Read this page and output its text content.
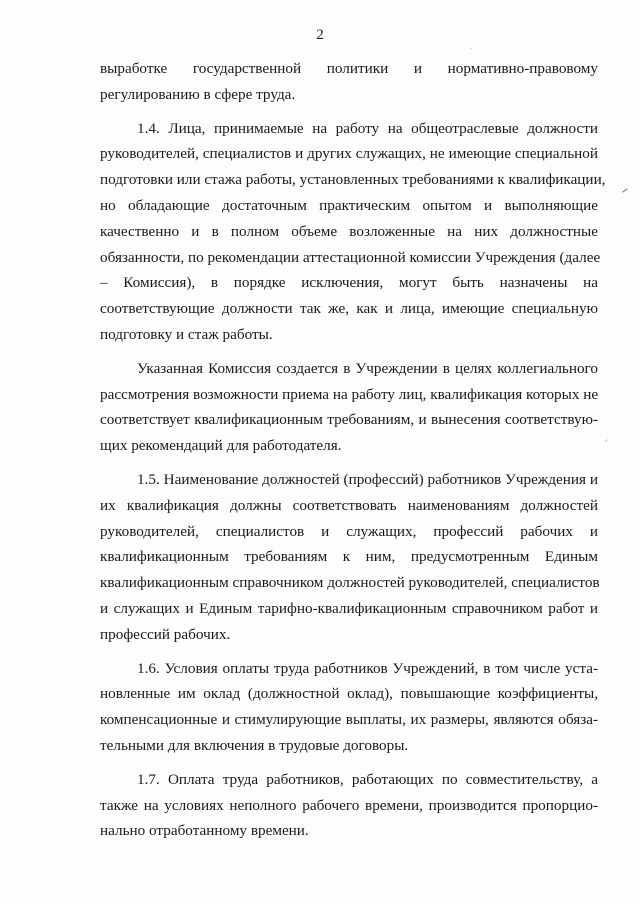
2
выработке государственной политики и нормативно-правовому
регулированию в сфере труда.
1.4. Лица, принимаемые на работу на общеотраслевые должности
руководителей, специалистов и других служащих, не имеющие специальной
подготовки или стажа работы, установленных требованиями к квалификации,
но обладающие достаточным практическим опытом и выполняющие
качественно и в полном объеме возложенные на них должностные
обязанности, по рекомендации аттестационной комиссии Учреждения (далее
– Комиссия), в порядке исключения, могут быть назначены на
соответствующие должности так же, как и лица, имеющие специальную
подготовку и стаж работы.
Указанная Комиссия создается в Учреждении в целях коллегиального
рассмотрения возможности приема на работу лиц, квалификация которых не
соответствует квалификационным требованиям, и вынесения соответствую-
щих рекомендаций для работодателя.
1.5. Наименование должностей (профессий) работников Учреждения и
их квалификация должны соответствовать наименованиям должностей
руководителей, специалистов и служащих, профессий рабочих и
квалификационным требованиям к ним, предусмотренным Единым
квалификационным справочником должностей руководителей, специалистов
и служащих и Единым тарифно-квалификационным справочником работ и
профессий рабочих.
1.6. Условия оплаты труда работников Учреждений, в том числе уста-
новленные им оклад (должностной оклад), повышающие коэффициенты,
компенсационные и стимулирующие выплаты, их размеры, являются обяза-
тельными для включения в трудовые договоры.
1.7. Оплата труда работников, работающих по совместительству, а
также на условиях неполного рабочего времени, производится пропорцио-
нально отработанному времени.
